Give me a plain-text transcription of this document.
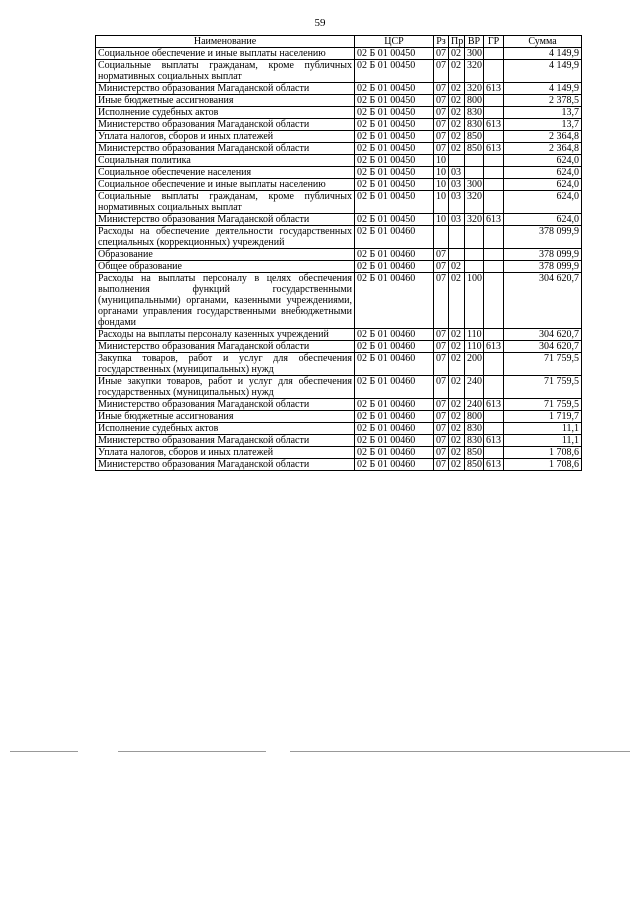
59
Наименование	ЦСР	Рз	Пр	ВР	ГР	Сумма
Социальное обеспечение и иные выплаты населению	02 Б 01 00450	07	02	300		4 149,9
Социальные выплаты гражданам, кроме публичных нормативных социальных выплат	02 Б 01 00450	07	02	320		4 149,9
Министерство образования Магаданской области	02 Б 01 00450	07	02	320	613	4 149,9
Иные бюджетные ассигнования	02 Б 01 00450	07	02	800		2 378,5
Исполнение судебных актов	02 Б 01 00450	07	02	830		13,7
Министерство образования Магаданской области	02 Б 01 00450	07	02	830	613	13,7
Уплата налогов, сборов и иных платежей	02 Б 01 00450	07	02	850		2 364,8
Министерство образования Магаданской области	02 Б 01 00450	07	02	850	613	2 364,8
Социальная политика	02 Б 01 00450	10				624,0
Социальное обеспечение населения	02 Б 01 00450	10	03			624,0
Социальное обеспечение и иные выплаты населению	02 Б 01 00450	10	03	300		624,0
Социальные выплаты гражданам, кроме публичных нормативных социальных выплат	02 Б 01 00450	10	03	320		624,0
Министерство образования Магаданской области	02 Б 01 00450	10	03	320	613	624,0
Расходы на обеспечение деятельности государственных специальных (коррекционных) учреждений	02 Б 01 00460					378 099,9
Образование	02 Б 01 00460	07				378 099,9
Общее образование	02 Б 01 00460	07	02			378 099,9
Расходы на выплаты персоналу в целях обеспечения выполнения функций государственными (муниципальными) органами, казенными учреждениями, органами управления государственными внебюджетными фондами	02 Б 01 00460	07	02	100		304 620,7
Расходы на выплаты персоналу казенных учреждений	02 Б 01 00460	07	02	110		304 620,7
Министерство образования Магаданской области	02 Б 01 00460	07	02	110	613	304 620,7
Закупка товаров, работ и услуг для обеспечения государственных (муниципальных) нужд	02 Б 01 00460	07	02	200		71 759,5
Иные закупки товаров, работ и услуг для обеспечения государственных (муниципальных) нужд	02 Б 01 00460	07	02	240		71 759,5
Министерство образования Магаданской области	02 Б 01 00460	07	02	240	613	71 759,5
Иные бюджетные ассигнования	02 Б 01 00460	07	02	800		1 719,7
Исполнение судебных актов	02 Б 01 00460	07	02	830		11,1
Министерство образования Магаданской области	02 Б 01 00460	07	02	830	613	11,1
Уплата налогов, сборов и иных платежей	02 Б 01 00460	07	02	850		1 708,6
Министерство образования Магаданской области	02 Б 01 00460	07	02	850	613	1 708,6
